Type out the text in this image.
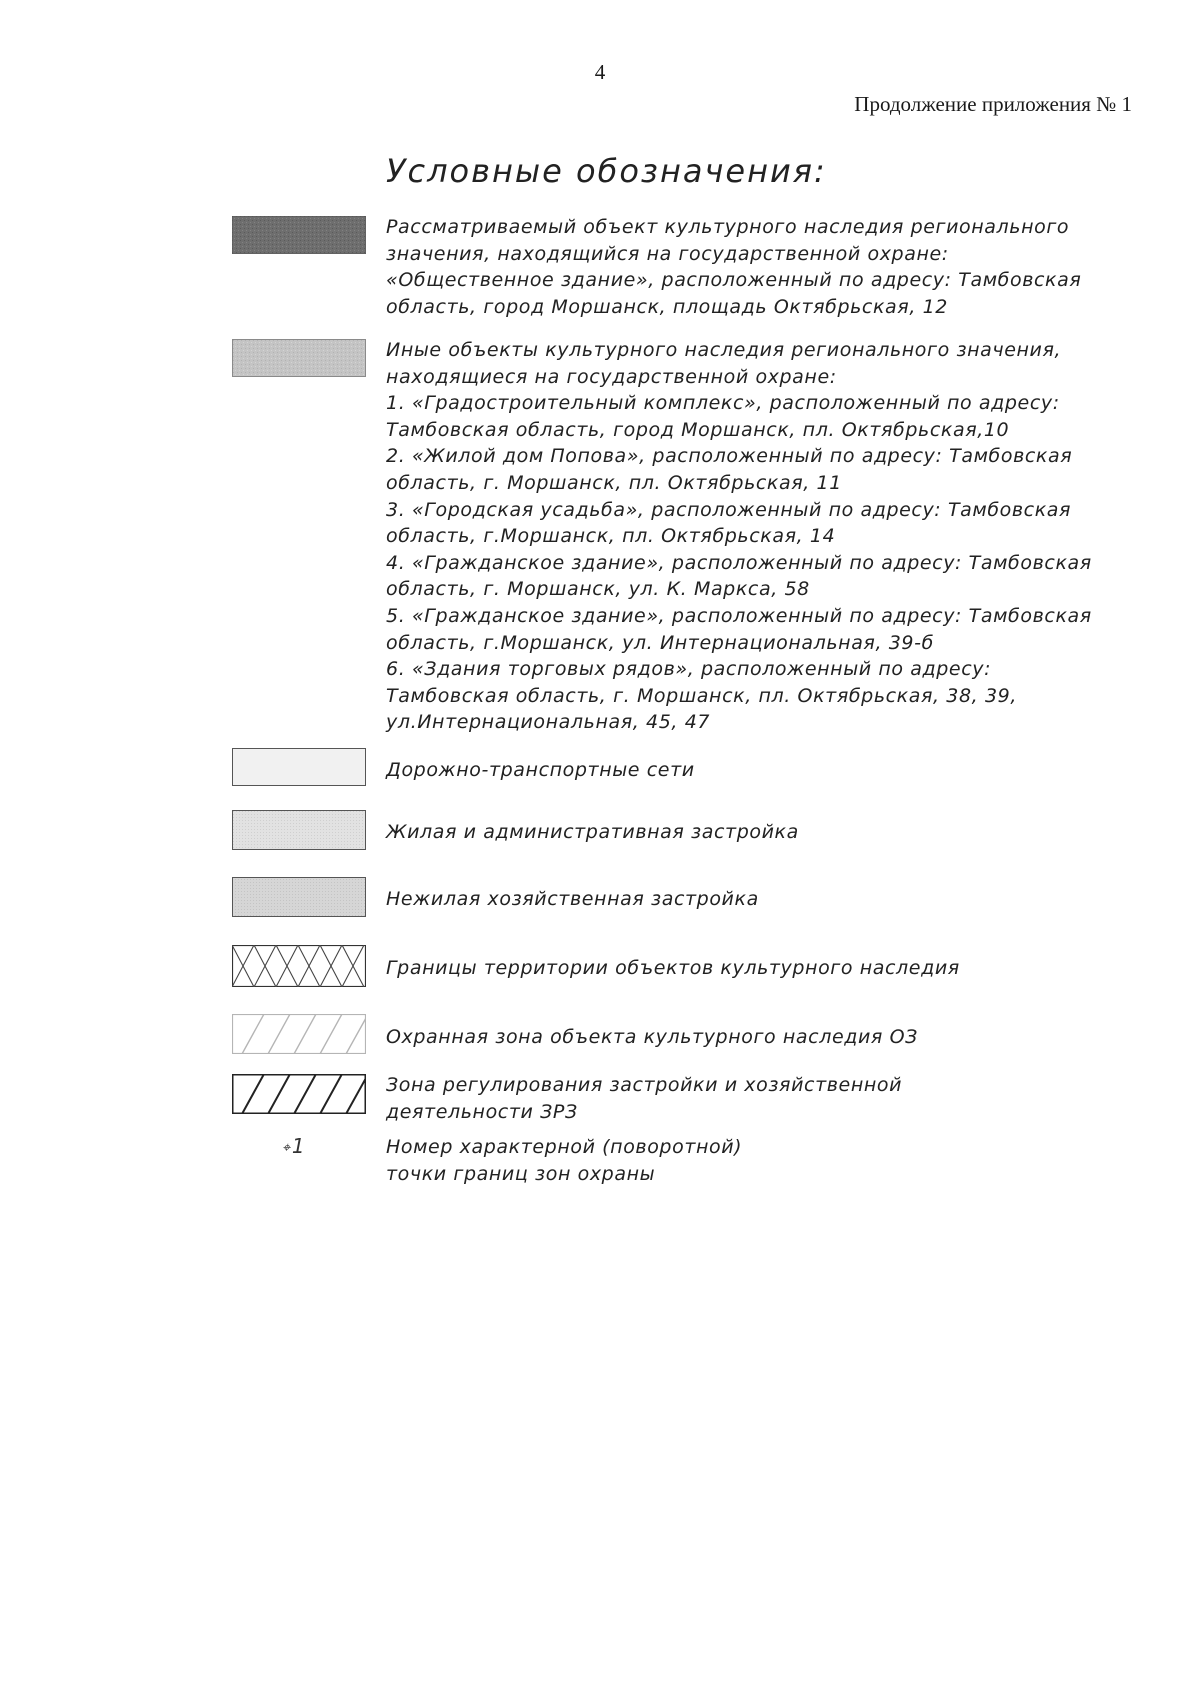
4
Продолжение приложения № 1
Условные обозначения:
Рассматриваемый объект культурного наследия регионального
значения, находящийся на государственной охране:
«Общественное здание», расположенный по адресу: Тамбовская
область, город Моршанск, площадь Октябрьская, 12
Иные объекты культурного наследия регионального значения,
находящиеся на государственной охране:
1. «Градостроительный комплекс», расположенный по адресу:
Тамбовская область, город Моршанск, пл. Октябрьская,10
2. «Жилой дом Попова», расположенный по адресу: Тамбовская
область, г. Моршанск, пл. Октябрьская, 11
3. «Городская усадьба», расположенный по адресу: Тамбовская
область, г.Моршанск, пл. Октябрьская, 14
4. «Гражданское здание», расположенный по адресу: Тамбовская
область, г. Моршанск, ул. К. Маркса, 58
5. «Гражданское здание», расположенный по адресу: Тамбовская
область, г.Моршанск, ул. Интернациональная, 39-б
6. «Здания торговых рядов», расположенный по адресу:
Тамбовская область, г. Моршанск, пл. Октябрьская, 38, 39,
ул.Интернациональная, 45, 47
Дорожно-транспортные сети
Жилая и административная застройка
Нежилая хозяйственная застройка
Границы территории объектов культурного наследия
Охранная зона объекта культурного наследия ОЗ
Зона регулирования застройки и хозяйственной
деятельности ЗРЗ
⌖ 1	Номер характерной (поворотной)
точки границ зон охраны
